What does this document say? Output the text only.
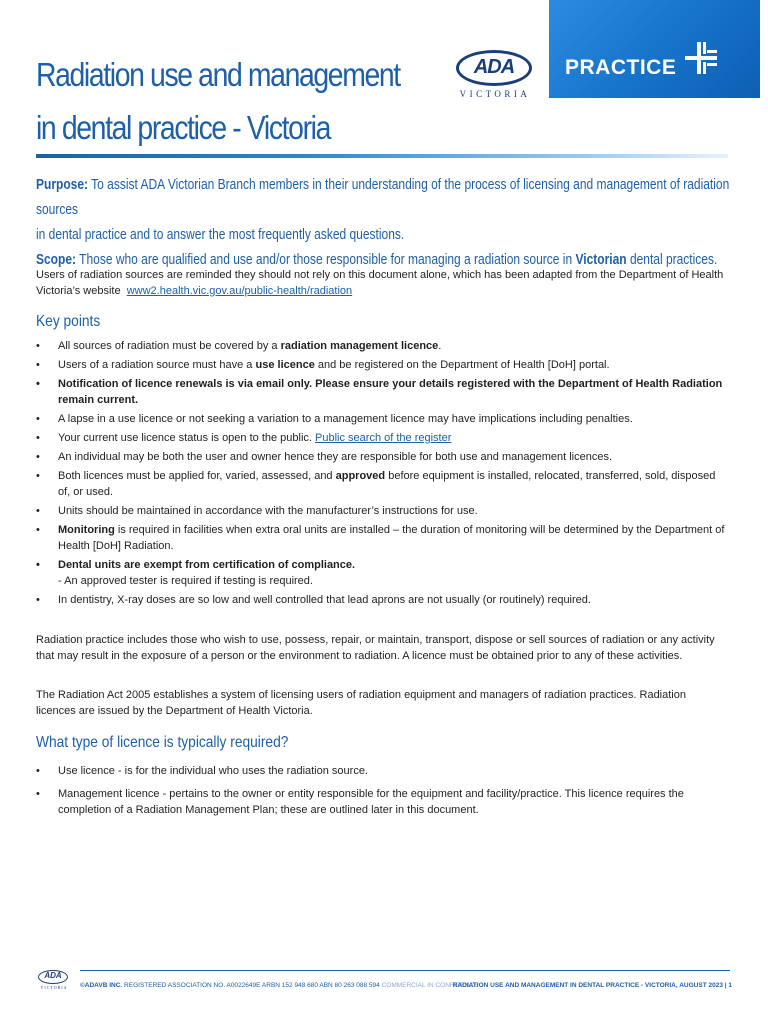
Radiation use and management
in dental practice - Victoria
ADA
VICTORIA
PRACTICE

Purpose: To assist ADA Victorian Branch members in their understanding of the process of licensing and management of radiation sources

in dental practice and to answer the most frequently asked questions.

Scope: Those who are qualified and use and/or those responsible for managing a radiation source in Victorian dental practices.

Users of radiation sources are reminded they should not rely on this document alone, which has been adapted from the Department of Health Victoria’s website www2.health.vic.gov.au/public-health/radiation
Key points
• All sources of radiation must be covered by a radiation management licence.
• Users of a radiation source must have a use licence and be registered on the Department of Health [DoH] portal.
• Notification of licence renewals is via email only. Please ensure your details registered with the Department of Health Radiation remain current.
• A lapse in a use licence or not seeking a variation to a management licence may have implications including penalties.
• Your current use licence status is open to the public. Public search of the register
• An individual may be both the user and owner hence they are responsible for both use and management licences.
• Both licences must be applied for, varied, assessed, and approved before equipment is installed, relocated, transferred, sold, disposed of, or used.
• Units should be maintained in accordance with the manufacturer’s instructions for use.
• Monitoring is required in facilities when extra oral units are installed – the duration of monitoring will be determined by the Department of Health [DoH] Radiation.
• Dental units are exempt from certification of compliance.
- An approved tester is required if testing is required.
• In dentistry, X-ray doses are so low and well controlled that lead aprons are not usually (or routinely) required.
Radiation practice includes those who wish to use, possess, repair, or maintain, transport, dispose or sell sources of radiation or any activity that may result in the exposure of a person or the environment to radiation. A licence must be obtained prior to any of these activities.
The Radiation Act 2005 establishes a system of licensing users of radiation equipment and managers of radiation practices. Radiation licences are issued by the Department of Health Victoria.
What type of licence is typically required?
• Use licence - is for the individual who uses the radiation source.
• Management licence - pertains to the owner or entity responsible for the equipment and facility/practice. This licence requires the completion of a Radiation Management Plan; these are outlined later in this document.
ADA
VICTORIA	©ADAVB INC. REGISTERED ASSOCIATION NO. A0022649E ARBN 152 948 680 ABN 80 263 088 594 COMMERCIAL IN CONFIDENCE
RADIATION USE AND MANAGEMENT IN DENTAL PRACTICE - VICTORIA, AUGUST 2023 | 1
